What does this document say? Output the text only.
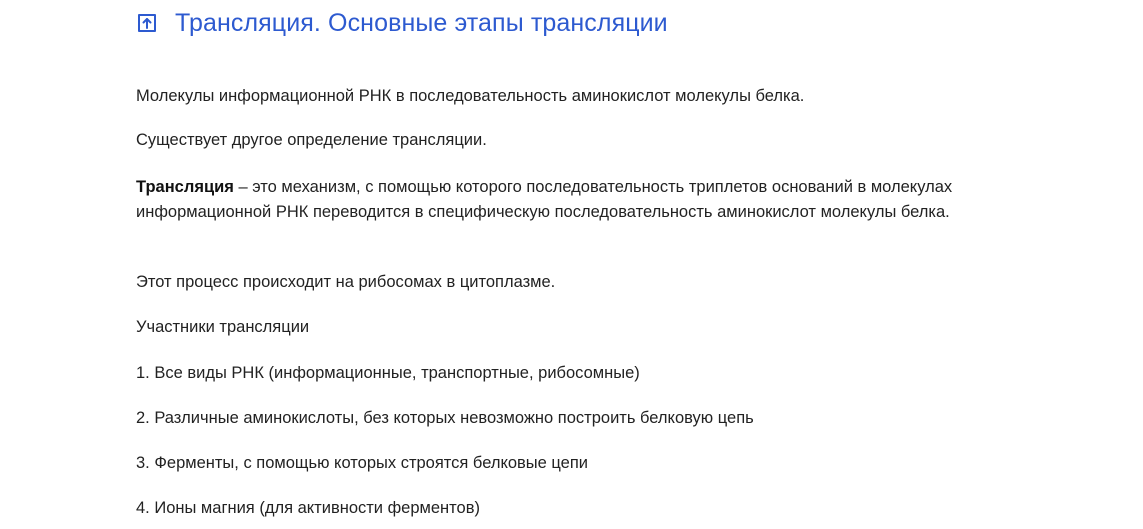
Трансляция. Основные этапы трансляции

Молекулы информационной РНК в последовательность аминокислот молекулы белка.

Существует другое определение трансляции.

Трансляция – это механизм, с помощью которого последовательность триплетов оснований в молекулах информационной РНК переводится в специфическую последовательность аминокислот молекулы белка.

Этот процесс происходит на рибосомах в цитоплазме.

Участники трансляции

1. Все виды РНК (информационные, транспортные, рибосомные)

2. Различные аминокислоты, без которых невозможно построить белковую цепь

3. Ферменты, с помощью которых строятся белковые цепи

4. Ионы магния (для активности ферментов)
